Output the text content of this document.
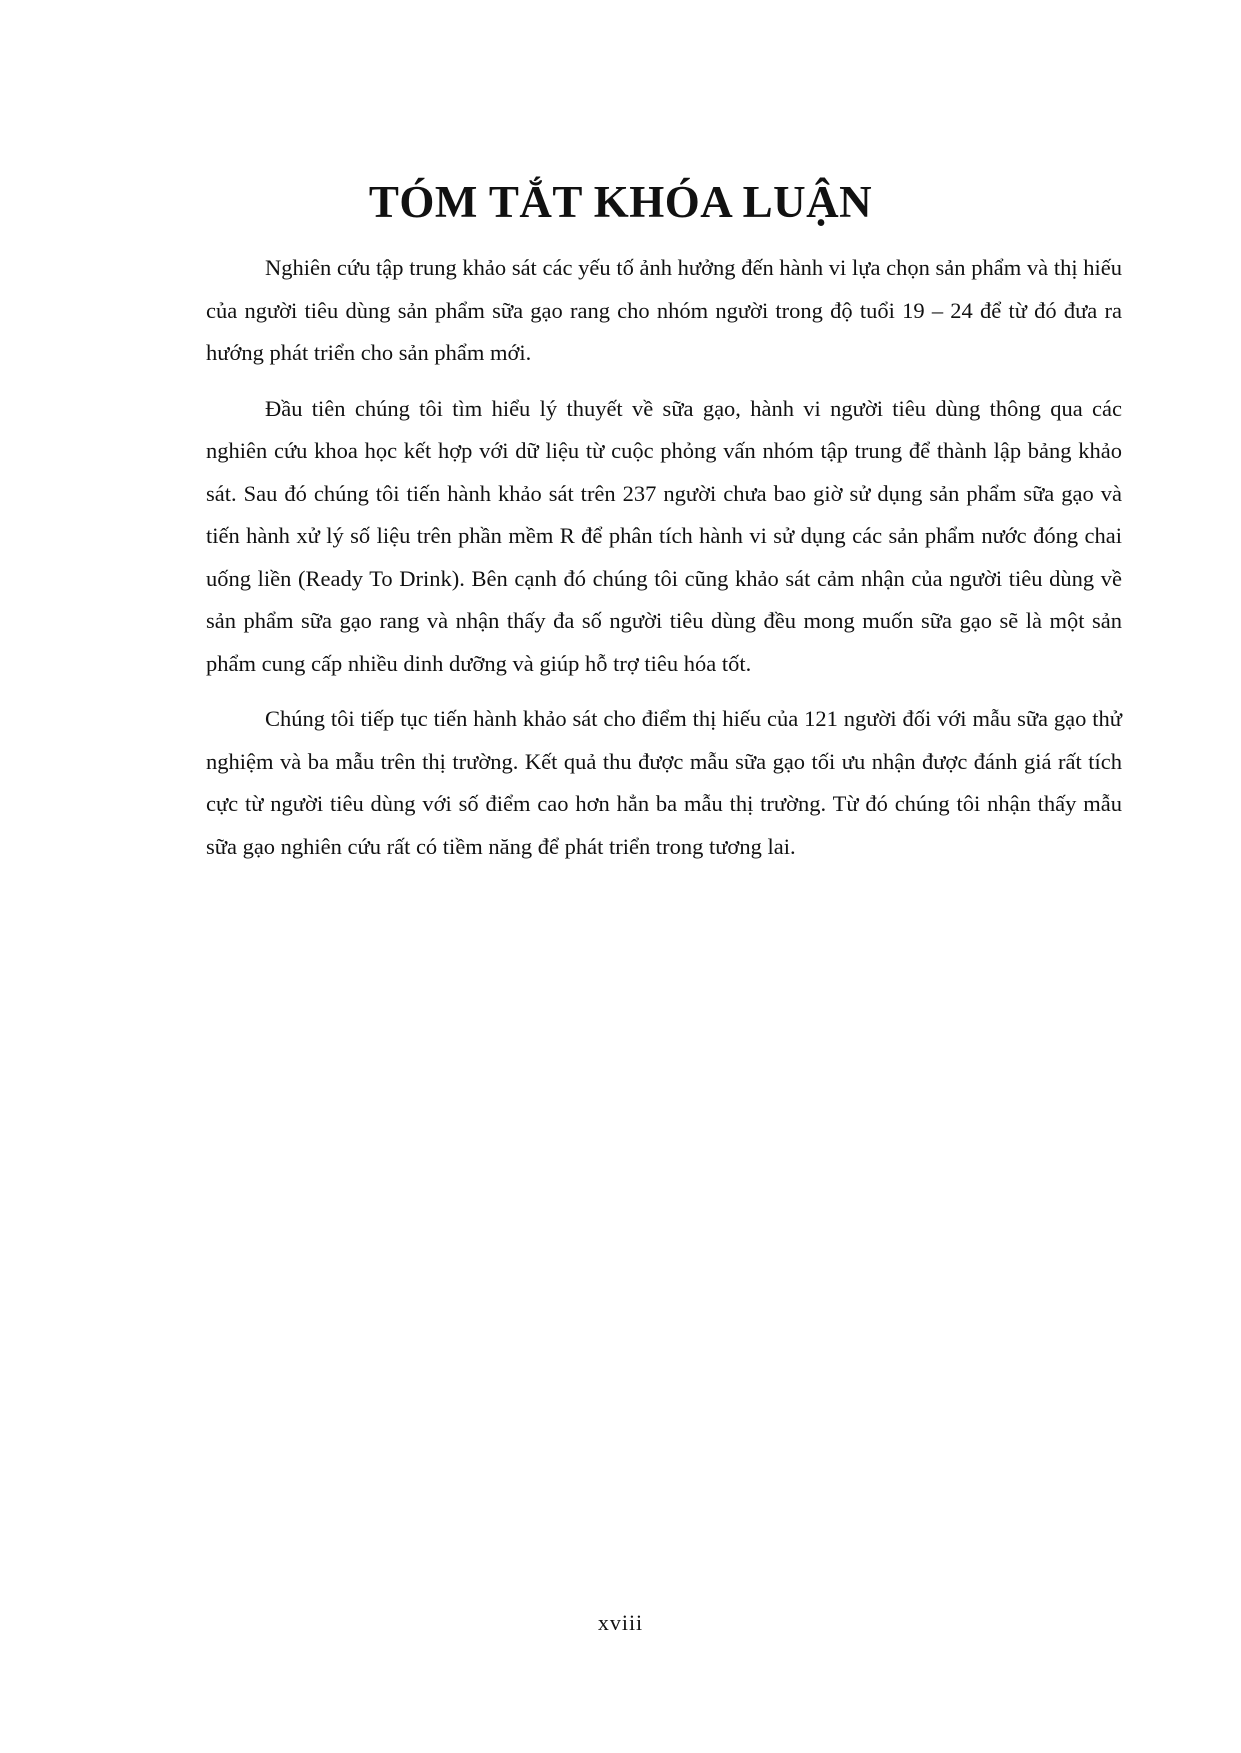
TÓM TẮT KHÓA LUẬN

Nghiên cứu tập trung khảo sát các yếu tố ảnh hưởng đến hành vi lựa chọn sản phẩm và thị hiếu của người tiêu dùng sản phẩm sữa gạo rang cho nhóm người trong độ tuổi 19 – 24 để từ đó đưa ra hướng phát triển cho sản phẩm mới.

Đầu tiên chúng tôi tìm hiểu lý thuyết về sữa gạo, hành vi người tiêu dùng thông qua các nghiên cứu khoa học kết hợp với dữ liệu từ cuộc phỏng vấn nhóm tập trung để thành lập bảng khảo sát. Sau đó chúng tôi tiến hành khảo sát trên 237 người chưa bao giờ sử dụng sản phẩm sữa gạo và tiến hành xử lý số liệu trên phần mềm R để phân tích hành vi sử dụng các sản phẩm nước đóng chai uống liền (Ready To Drink). Bên cạnh đó chúng tôi cũng khảo sát cảm nhận của người tiêu dùng về sản phẩm sữa gạo rang và nhận thấy đa số người tiêu dùng đều mong muốn sữa gạo sẽ là một sản phẩm cung cấp nhiều dinh dưỡng và giúp hỗ trợ tiêu hóa tốt.

Chúng tôi tiếp tục tiến hành khảo sát cho điểm thị hiếu của 121 người đối với mẫu sữa gạo thử nghiệm và ba mẫu trên thị trường. Kết quả thu được mẫu sữa gạo tối ưu nhận được đánh giá rất tích cực từ người tiêu dùng với số điểm cao hơn hẳn ba mẫu thị trường. Từ đó chúng tôi nhận thấy mẫu sữa gạo nghiên cứu rất có tiềm năng để phát triển trong tương lai.

xviii
